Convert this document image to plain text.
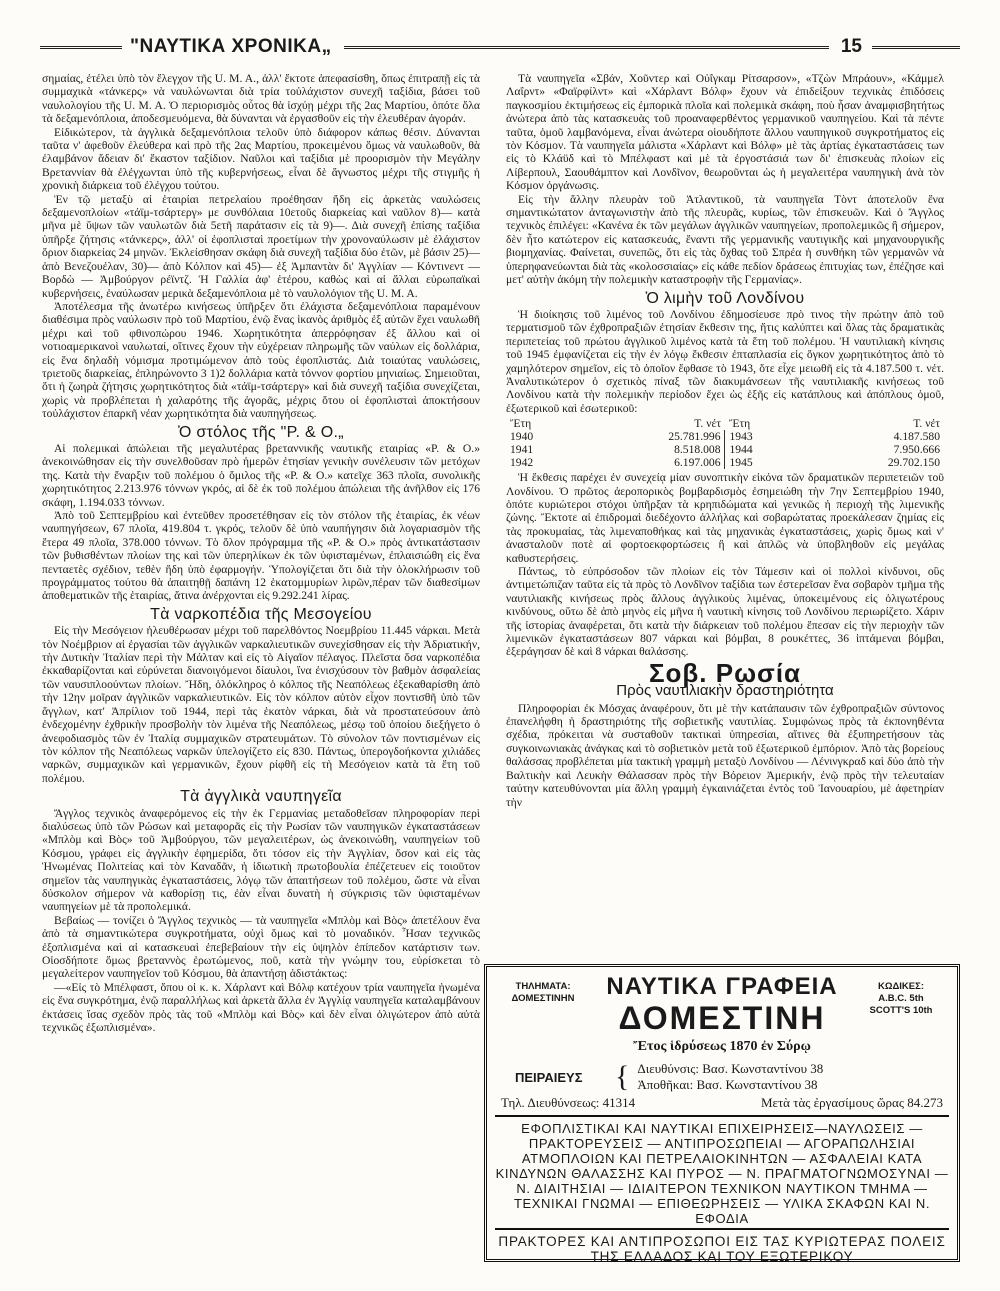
"ΝΑΥΤΙΚΑ ΧΡΟΝΙΚΑ„	15

σημαίας, ἐτέλει ὑπὸ τὸν ἔλεγχον τῆς U. M. A., ἀλλ' ἔκτοτε ἀπεφασίσθη, ὅπως ἐπιτραπῇ εἰς τὰ συμμαχικὰ «τάνκερς» νὰ ναυλώνωνται διὰ τρία τοὐλάχιστον συνεχῆ ταξίδια, βάσει τοῦ ναυλολογίου τῆς U. M. A. Ὁ περιορισμὸς οὗτος θὰ ἰσχύῃ μέχρι τῆς 2ας Μαρτίου, ὁπότε ὅλα τὰ δεξαμενόπλοια, ἀποδεσμευόμενα, θὰ δύνανται νὰ ἐργασθοῦν εἰς τὴν ἐλευθέραν ἀγοράν.

Εἰδικώτερον, τὰ ἀγγλικὰ δεξαμενόπλοια τελοῦν ὑπὸ διάφορον κάπως θέσιν. Δύνανται ταῦτα ν' ἀφεθοῦν ἐλεύθερα καὶ πρὸ τῆς 2ας Μαρτίου, προκειμένου ὅμως νὰ ναυλωθοῦν, θὰ ἐλαμβάνον ἄδειαν δι' ἕκαστον ταξίδιον. Ναῦλοι καὶ ταξίδια μὲ προορισμὸν τὴν Μεγάλην Βρεταννίαν θὰ ἐλέγχωνται ὑπὸ τῆς κυβερνήσεως, εἶναι δὲ ἄγνωστος μέχρι τῆς στιγμῆς ἡ χρονικὴ διάρκεια τοῦ ἐλέγχου τούτου.

Ἐν τῷ μεταξὺ αἱ ἑταιρίαι πετρελαίου προέθησαν ἤδη εἰς ἀρκετὰς ναυλώσεις δεξαμενοπλοίων «τάϊμ-τσάρτεργ» με συνθόλαια 10ετοῦς διαρκείας καὶ ναῦλον 8)— κατὰ μῆνα μὲ ὕψων τῶν ναυλωτῶν διὰ 5ετῆ παράτασιν εἰς τὰ 9)—. Διὰ συνεχῆ ἐπίσης ταξίδια ὑπῆρξε ζήτησις «τάνκερς», ἀλλ' οἱ ἐφοπλισταὶ προετίμων τὴν χρονοναύλωσιν μὲ ἐλάχιστον ὅριον διαρκείας 24 μηνῶν. Ἐκλείσθησαν σκάφη διὰ συνεχῆ ταξίδια δύο ἐτῶν, μὲ βάσιν 25)— ἀπὸ Βενεζουέλαν, 30)— ἀπὸ Κόλπον καὶ 45)— ἐξ Ἀμπαντὰν δι' Ἀγγλίαν — Κόντινεντ — Βορδὼ — Ἀμβούργον ρέϊντζ. Ἡ Γαλλία ἀφ' ἑτέρου, καθὼς καὶ αἱ ἄλλαι εὐρωπαϊκαὶ κυβερνήσεις, ἐναύλωσαν μερικὰ δεξαμενόπλοια μὲ τὸ ναυλολόγιον τῆς U. M. A.

Ἀποτέλεσμα τῆς ἀνωτέρω κινήσεως ὑπῆρξεν ὅτι ἐλάχιστα δεξαμενόπλοια παραμένουν διαθέσιμα πρὸς ναύλωσιν πρὸ τοῦ Μαρτίου, ἐνῷ ἕνας ἱκανὸς ἀριθμὸς ἐξ αὐτῶν ἔχει ναυλωθῆ μέχρι καὶ τοῦ φθινοπώρου 1946. Χωρητικότητα ἀπερρόφησαν ἐξ ἄλλου καὶ οἱ νοτιοαμερικανοὶ ναυλωταί, οἵτινες ἔχουν τὴν εὐχέρειαν πληρωμῆς τῶν ναύλων εἰς δολλάρια, εἰς ἕνα δηλαδὴ νόμισμα προτιμώμενον ἀπὸ τοὺς ἐφοπλιστάς. Διὰ τοιαύτας ναυλώσεις, τριετοῦς διαρκείας, ἐπληρώνοντο 3 1)2 δολλάρια κατὰ τόννον φορτίου μηνιαίως. Σημειοῦται, ὅτι ἡ ζωηρὰ ζήτησις χωρητικότητος διὰ «τάϊμ-τσάρτεργ» καὶ διὰ συνεχῆ ταξίδια συνεχίζεται, χωρὶς νὰ προβλέπεται ἡ χαλαρότης τῆς ἀγορᾶς, μέχρις ὅτου οἱ ἐφοπλισταὶ ἀποκτήσουν τοὐλάχιστον ἐπαρκῆ νέαν χωρητικότητα διὰ ναυπηγήσεως.

Ὁ στόλος τῆς "P. & O.„

Αἱ πολεμικαὶ ἀπώλειαι τῆς μεγαλυτέρας βρεταννικῆς ναυτικῆς εταιρίας «P. & O.» ἀνεκοινώθησαν εἰς τὴν συνελθοῦσαν πρὸ ἡμερῶν ἐτησίαν γενικὴν συνέλευσιν τῶν μετόχων της. Κατὰ τὴν ἔναρξιν τοῦ πολέμου ὁ ὅμιλος τῆς «P. & O.» κατεῖχε 363 πλοῖα, συνολικῆς χωρητικότητος 2.213.976 τόννων γκρός, αἱ δὲ ἐκ τοῦ πολέμου ἀπώλειαι τῆς ἀνῆλθον εἰς 176 σκάφη, 1.194.033 τόννων.

Ἀπὸ τοῦ Σεπτεμβρίου καὶ ἐντεῦθεν προσετέθησαν εἰς τὸν στόλον τῆς ἑταιρίας, ἐκ νέων ναυπηγήσεων, 67 πλοῖα, 419.804 τ. γκρός, τελοῦν δὲ ὑπὸ ναυπήγησιν διὰ λογαριασμὸν τῆς ἕτερα 49 πλοῖα, 378.000 τόννων. Τὸ ὅλον πρόγραμμα τῆς «P. & O.» πρὸς ἀντικατάστασιν τῶν βυθισθέντων πλοίων της καὶ τῶν ὑπερηλίκων ἐκ τῶν ὑφισταμένων, ἐπλαισιώθη εἰς ἕνα πενταετὲς σχέδιον, τεθὲν ἤδη ὑπὸ ἐφαρμογήν. Ὑπολογίζεται ὅτι διὰ τὴν ὁλοκλήρωσιν τοῦ προγράμματος τούτου θὰ ἀπαιτηθῇ δαπάνη 12 ἑκατομμυρίων λιρῶν,πέραν τῶν διαθεσίμων ἀποθεματικῶν τῆς ἑταιρίας, ἅτινα ἀνέρχονται εἰς 9.292.241 λίρας.

Τὰ ναρκοπέδια τῆς Μεσογείου

Εἰς τὴν Μεσόγειον ἠλευθέρωσαν μέχρι τοῦ παρελθόντος Νοεμβρίου 11.445 νάρκαι. Μετὰ τὸν Νοέμβριον αἱ ἐργασίαι τῶν ἀγγλικῶν ναρκαλιευτικῶν συνεχίσθησαν εἰς τὴν Ἀδριατικήν, τὴν Δυτικὴν Ἰταλίαν περὶ τὴν Μάλταν καὶ εἰς τὸ Αἰγαῖον πέλαγος. Πλεῖστα ὅσα ναρκοπέδια ἐκκαθαρίζονται καὶ εὐρύνεται διανοιγόμενοι δίαυλοι, ἵνα ἐνισχύσουν τὸν βαθμὸν ἀσφαλείας τῶν ναυσιπλοούντων πλοίων. Ἤδη, ὁλόκληρος ὁ κόλπος τῆς Νεαπόλεως ἐξεκαθαρίσθη ἀπὸ τὴν 12ην μοῖραν ἀγγλικῶν ναρκαλιευτικῶν. Εἰς τὸν κόλπον αὐτὸν εἶχον ποντισθῆ ὑπὸ τῶν ἄγγλων, κατ' Ἀπρίλιον τοῦ 1944, περὶ τὰς ἑκατὸν νάρκαι, διὰ νὰ προστατεύσουν ἀπὸ ἐνδεχομένην ἐχθρικὴν προσβολὴν τὸν λιμένα τῆς Νεαπόλεως, μέσῳ τοῦ ὁποίου διεξήγετο ὁ ἀνεφοδιασμὸς τῶν ἐν Ἰταλίᾳ συμμαχικῶν στρατευμάτων. Τὸ σύνολον τῶν ποντισμένων εἰς τὸν κόλπον τῆς Νεαπόλεως ναρκῶν ὑπελογίζετο εἰς 830. Πάντως, ὑπερογδοήκοντα χιλιάδες ναρκῶν, συμμαχικῶν καὶ γερμανικῶν, ἔχουν ρίφθῆ εἰς τὴ Μεσόγειον κατὰ τὰ ἔτη τοῦ πολέμου.

Τὰ ἀγγλικὰ ναυπηγεῖα

Ἄγγλος τεχνικὸς ἀναφερόμενος εἰς τὴν ἐκ Γερμανίας μεταδοθεῖσαν πληροφορίαν περὶ διαλύσεως ὑπὸ τῶν Ρώσων καὶ μεταφορᾶς εἰς τὴν Ρωσίαν τῶν ναυπηγικῶν ἐγκαταστάσεων «Μπλὸμ καὶ Βὸς» τοῦ Ἀμβούργου, τῶν μεγαλειτέρων, ὡς ἀνεκοινώθη, ναυπηγείων τοῦ Κόσμου, γράφει εἰς ἀγγλικὴν ἐφημερίδα, ὅτι τόσον εἰς τὴν Ἀγγλίαν, ὅσον καὶ εἰς τὰς Ἡνωμένας Πολιτείας καὶ τὸν Καναδᾶν, ἡ ἰδιωτικὴ πρωτοβουλία ἐπέζετευεν εἰς τοιοῦτον σημεῖον τὰς ναυπηγικὰς ἐγκαταστάσεις, λόγῳ τῶν ἀπαιτήσεων τοῦ πολέμου, ὥστε νὰ εἶναι δύσκολον σήμερον νὰ καθορίσῃ τις, ἐὰν εἶναι δυνατὴ ἡ σύγκρισις τῶν ὑφισταμένων ναυπηγείων μὲ τὰ προπολεμικά.

Βεβαίως — τονίζει ὁ Ἄγγλος τεχνικὸς — τὰ ναυπηγεῖα «Μπλὸμ καὶ Βὸς» ἀπετέλουν ἕνα ἀπὸ τὰ σημαντικώτερα συγκροτήματα, οὐχὶ ὅμως καὶ τὸ μοναδικόν. Ἦσαν τεχνικῶς ἐξοπλισμένα καὶ αἱ κατασκευαὶ ἐπεβεβαίουν τὴν εἰς ὑψηλὸν ἐπίπεδον κατάρτισιν των. Οἰοσδήποτε ὅμως βρεταννὸς ἐρωτώμενος, ποῦ, κατὰ τὴν γνώμην του, εὑρίσκεται τὸ μεγαλείτερον ναυπηγεῖον τοῦ Κόσμου, θὰ ἀπαντήσῃ ἀδιστάκτως:

—«Εἰς τὸ Μπέλφαστ, ὅπου οἱ κ. κ. Χάρλαντ καὶ Βόλφ κατέχουν τρία ναυπηγεῖα ἡνωμένα εἰς ἕνα συγκρότημα, ἐνῷ παραλλήλως καὶ ἀρκετὰ ἄλλα ἐν Ἀγγλίᾳ ναυπηγεῖα καταλαμβάνουν ἐκτάσεις ἴσας σχεδὸν πρὸς τὰς τοῦ «Μπλὸμ καὶ Βὸς» καὶ δὲν εἶναι ὀλιγώτερον ἀπὸ αὐτὰ τεχνικῶς ἐξωπλισμένα».

Τὰ ναυπηγεῖα «Σβάν, Χοῦντερ καὶ Οὐΐγκαμ Ρίτσαρσον», «Τζὼν Μπράουν», «Κάμμελ Λαΐρντ» «Φαϊρφίλντ» καὶ «Χάρλαντ Βόλφ» ἔχουν νὰ ἐπιδείξουν τεχνικὰς ἐπιδόσεις παγκοσμίου ἐκτιμήσεως εἰς ἐμπορικὰ πλοῖα καὶ πολεμικὰ σκάφη, ποὺ ἦσαν ἀναμφισβητήτως ἀνώτερα ἀπὸ τὰς κατασκευὰς τοῦ προαναφερθέντος γερμανικοῦ ναυπηγείου. Καὶ τὰ πέντε ταῦτα, ὁμοῦ λαμβανόμενα, εἶναι ἀνώτερα οἱουδήποτε ἄλλου ναυπηγικοῦ συγκροτήματος εἰς τὸν Κόσμον. Τὰ ναυπηγεῖα μάλιστα «Χάρλαντ καὶ Βόλφ» μὲ τὰς ἀρτίας ἐγκαταστάσεις των εἰς τὸ Κλάϋδ καὶ τὸ Μπέλφαστ καὶ μὲ τὰ ἐργοστάσιά των δι' ἐπισκευὰς πλοίων εἰς Λίβερπουλ, Σαουθάμπτον καὶ Λονδῖνον, θεωροῦνται ὡς ἡ μεγαλειτέρα ναυπηγικὴ ἀνὰ τὸν Κόσμον ὀργάνωσις.

Εἰς τὴν ἄλλην πλευρὰν τοῦ Ἀτλαντικοῦ, τὰ ναυπηγεῖα Τὸντ ἀποτελοῦν ἕνα σημαντικώτατον ἀνταγωνιστὴν ἀπὸ τῆς πλευρᾶς, κυρίως, τῶν ἐπισκευῶν. Καὶ ὁ Ἄγγλος τεχνικὸς ἐπιλέγει: «Κανένα ἐκ τῶν μεγάλων ἀγγλικῶν ναυπηγείων, προπολεμικῶς ἢ σήμερον, δὲν ἦτο κατώτερον εἰς κατασκευάς, ἔναντι τῆς γερμανικῆς ναυτιγικῆς καὶ μηχανουργικῆς βιομηχανίας. Φαίνεται, συνεπῶς, ὅτι εἰς τὰς ὄχθας τοῦ Σπρέα ἡ συνθήκη τῶν γερμανῶν νὰ ὑπερηφανεύωνται διὰ τὰς «κολοσσιαίας» εἰς κάθε πεδίον δράσεως ἐπιτυχίας των, ἐπέζησε καὶ μετ' αὐτὴν ἀκόμη τὴν πολεμικὴν καταστροφὴν τῆς Γερμανίας».

Ὁ λιμὴν τοῦ Λονδίνου

Ἡ διοίκησις τοῦ λιμένος τοῦ Λονδίνου ἐδημοσίευσε πρὸ τινος τὴν πρώτην ἀπὸ τοῦ τερματισμοῦ τῶν ἐχθροπραξιῶν ἐτησίαν ἔκθεσιν της, ἥτις καλύπτει καὶ ὅλας τὰς δραματικὰς περιπετείας τοῦ πρώτου ἀγγλικοῦ λιμένος κατὰ τὰ ἔτη τοῦ πολέμου. Ἡ ναυτιλιακὴ κίνησις τοῦ 1945 ἐμφανίζεται εἰς τὴν ἐν λόγῳ ἔκθεσιν ἐπταπλασία εἰς ὄγκον χωρητικότητος ἀπὸ τὸ χαμηλότερον σημεῖον, εἰς τὸ ὁποῖον ἔφθασε τὸ 1943, ὅτε εἶχε μειωθῆ εἰς τὰ 4.187.500 τ. νέτ. Ἀναλυτικώτερον ὁ σχετικὸς πίναξ τῶν διακυμάνσεων τῆς ναυτιλιακῆς κινήσεως τοῦ Λονδίνου κατὰ τὴν πολεμικὴν περίοδον ἔχει ὡς ἑξῆς εἰς κατάπλους καὶ ἀπόπλους ὁμοῦ, ἐξωτερικοῦ καὶ ἐσωτερικοῦ:

Ἔτη	Τ. νέτ	Ἔτη	Τ. νέτ
1940	25.781.996	1943	4.187.580
1941	8.518.008	1944	7.950.666
1942	6.197.006	1945	29.702.150

Ἡ ἔκθεσις παρέχει ἐν συνεχείᾳ μίαν συνοπτικὴν εἰκόνα τῶν δραματικῶν περιπετειῶν τοῦ Λονδίνου. Ὁ πρῶτος ἀεροπορικὸς βομβαρδισμὸς ἐσημειώθη τὴν 7ην Σεπτεμβρίου 1940, ὁπότε κυριώτεροι στόχοι ὑπῆρξαν τὰ κρηπιδώματα καὶ γενικῶς ἡ περιοχὴ τῆς λιμενικῆς ζώνης. Ἔκτοτε αἱ ἐπιδρομαὶ διεδέχοντο ἀλλήλας καὶ σοβαρώτατας προεκάλεσαν ζημίας εἰς τὰς προκυμαίας, τὰς λιμεναποθήκας καὶ τὰς μηχανικὰς ἐγκαταστάσεις, χωρὶς ὅμως καὶ ν' ἀνασταλοῦν ποτὲ αἱ φορτοεκφορτώσεις ἢ καὶ ἁπλῶς νὰ ὑποβληθοῦν εἰς μεγάλας καθυστερήσεις.

Πάντως, τὸ εὐπρόσοδον τῶν πλοίων εἰς τὸν Τάμεσιν καὶ οἱ πολλοὶ κίνδυνοι, οὓς ἀντιμετώπιζαν ταῦτα εἰς τὰ πρὸς τὸ Λονδῖνον ταξίδια των ἐστερεῖσαν ἕνα σοβαρὸν τμῆμα τῆς ναυτιλιακῆς κινήσεως πρὸς ἄλλους ἀγγλικοὺς λιμένας, ὑποκειμένους εἰς ὀλιγωτέρους κινδύνους, οὕτω δὲ ἀπὸ μηνὸς εἰς μῆνα ἡ ναυτικὴ κίνησις τοῦ Λονδίνου περιωρίζετο. Χάριν τῆς ἱστορίας ἀναφέρεται, ὅτι κατὰ τὴν διάρκειαν τοῦ πολέμου ἔπεσαν εἰς τὴν περιοχὴν τῶν λιμενικῶν ἐγκαταστάσεων 807 νάρκαι καὶ βόμβαι, 8 ρουκέττες, 36 ἱπτάμεναι βόμβαι, ἐξεράγησαν δὲ καὶ 8 νάρκαι θαλάσσης.

Σοβ. Ρωσία
Πρὸς ναυτιλιακὴν δραστηριότητα

Πληροφορίαι ἐκ Μόσχας ἀναφέρουν, ὅτι μὲ τὴν κατάπαυσιν τῶν ἐχθροπραξιῶν σύντονος ἐπανελήφθη ἡ δραστηριότης τῆς σοβιετικῆς ναυτιλίας. Συμφώνως πρὸς τὰ ἐκπονηθέντα σχέδια, πρόκειται νὰ συσταθοῦν τακτικαὶ ὑπηρεσίαι, αἵτινες θὰ ἐξυπηρετήσουν τὰς συγκοινωνιακὰς ἀνάγκας καὶ τὸ σοβιετικὸν μετὰ τοῦ ἐξωτερικοῦ ἐμπόριον. Ἀπὸ τὰς βορείους θαλάσσας προβλέπεται μία τακτικὴ γραμμὴ μεταξὺ Λονδίνου — Λένινγκραδ καὶ δύο ἀπὸ τὴν Βαλτικὴν καὶ Λευκὴν Θάλασσαν πρὸς τὴν Βόρειον Ἀμερικήν, ἐνῷ πρὸς τὴν τελευταίαν ταύτην κατευθύνονται μία ἄλλη γραμμὴ ἐγκαινιάζεται ἐντὸς τοῦ Ἰανουαρίου, μὲ ἀφετηρίαν τὴν

ΤΗΛΗΜΑΤΑ:
ΔΟΜΕΣΤΙΝΗΝ	ΝΑΥΤΙΚΑ ΓΡΑΦΕΙΑ
ΔΟΜΕΣΤΙΝΗ
ΚΩΔΙΚΕΣ:
A.B.C. 5th
SCOTT'S 10th
Ἔτος ἱδρύσεως 1870 ἐν Σύρῳ
ΠΕΙΡΑΙΕΥΣ	{ Διευθύνσις: Βασ. Κωνσταντίνου 38
Ἀποθῆκαι: Βασ. Κωνσταντίνου 38
Τηλ. Διευθύνσεως: 41314	Μετὰ τὰς ἐργασίμους ὥρας 84.273
ΕΦΟΠΛΙΣΤΙΚΑΙ ΚΑΙ ΝΑΥΤΙΚΑΙ ΕΠΙΧΕΙΡΗΣΕΙΣ—ΝΑΥΛΩΣΕΙΣ — ΠΡΑΚΤΟΡΕΥΣΕΙΣ — ΑΝΤΙΠΡΟΣΩΠΕΙΑΙ — ΑΓΟΡΑΠΩΛΗΣΙΑΙ ΑΤΜΟΠΛΟΙΩΝ ΚΑΙ ΠΕΤΡΕΛΑΙΟΚΙΝΗΤΩΝ — ΑΣΦΑΛΕΙΑΙ ΚΑΤΑ ΚΙΝΔΥΝΩΝ ΘΑΛΑΣΣΗΣ ΚΑΙ ΠΥΡΟΣ — Ν. ΠΡΑΓΜΑΤΟΓΝΩΜΟΣΥΝΑΙ — Ν. ΔΙΑΙΤΗΣΙΑΙ — ΙΔΙΑΙΤΕΡΟΝ ΤΕΧΝΙΚΟΝ ΝΑΥΤΙΚΟΝ ΤΜΗΜΑ — ΤΕΧΝΙΚΑΙ ΓΝΩΜΑΙ — ΕΠΙΘΕΩΡΗΣΕΙΣ — ΥΛΙΚΑ ΣΚΑΦΩΝ ΚΑΙ Ν. ΕΦΟΔΙΑ
ΠΡΑΚΤΟΡΕΣ ΚΑΙ ΑΝΤΙΠΡΟΣΩΠΟΙ ΕΙΣ ΤΑΣ ΚΥΡΙΩΤΕΡΑΣ ΠΟΛΕΙΣ ΤΗΣ ΕΛΛΑΔΟΣ ΚΑΙ ΤΟΥ ΕΞΩΤΕΡΙΚΟΥ
